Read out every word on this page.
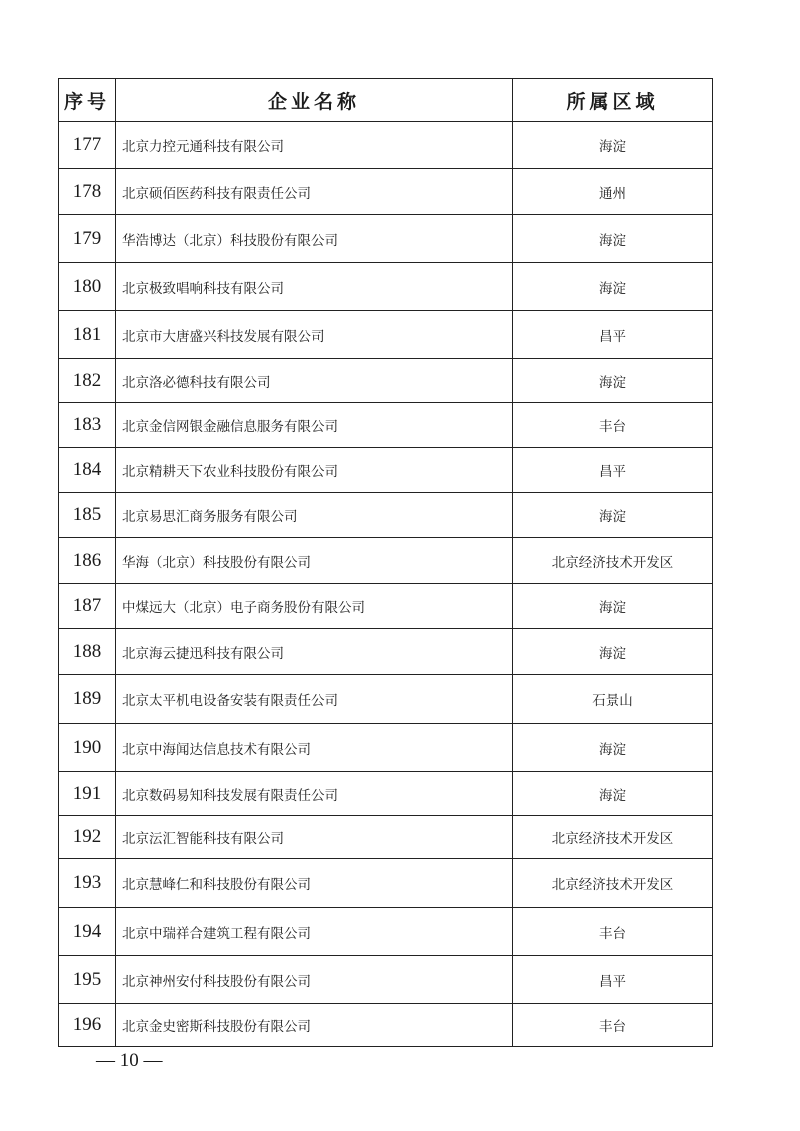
序号	企业名称	所属区域
177	北京力控元通科技有限公司	海淀
178	北京硕佰医药科技有限责任公司	通州
179	华浩博达（北京）科技股份有限公司	海淀
180	北京极致唱响科技有限公司	海淀
181	北京市大唐盛兴科技发展有限公司	昌平
182	北京洛必德科技有限公司	海淀
183	北京金信网银金融信息服务有限公司	丰台
184	北京精耕天下农业科技股份有限公司	昌平
185	北京易思汇商务服务有限公司	海淀
186	华海（北京）科技股份有限公司	北京经济技术开发区
187	中煤远大（北京）电子商务股份有限公司	海淀
188	北京海云捷迅科技有限公司	海淀
189	北京太平机电设备安装有限责任公司	石景山
190	北京中海闻达信息技术有限公司	海淀
191	北京数码易知科技发展有限责任公司	海淀
192	北京沄汇智能科技有限公司	北京经济技术开发区
193	北京慧峰仁和科技股份有限公司	北京经济技术开发区
194	北京中瑞祥合建筑工程有限公司	丰台
195	北京神州安付科技股份有限公司	昌平
196	北京金史密斯科技股份有限公司	丰台
— 10 —
